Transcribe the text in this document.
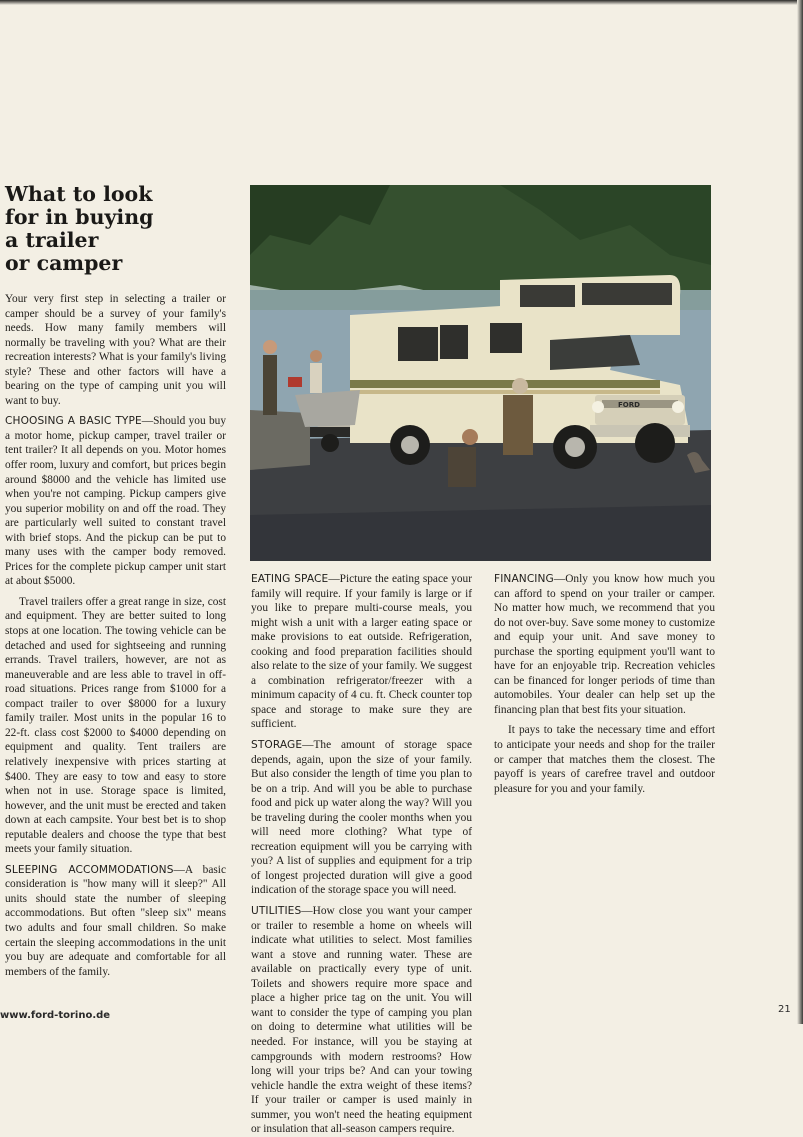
What to look
for in buying
a trailer
or camper

Your very first step in selecting a trailer or camper should be a survey of your family's needs. How many family members will normally be traveling with you? What are their recreation interests? What is your family's living style? These and other factors will have a bearing on the type of camping unit you will want to buy.

CHOOSING A BASIC TYPE—Should you buy a motor home, pickup camper, travel trailer or tent trailer? It all depends on you. Motor homes offer room, luxury and comfort, but prices begin around $8000 and the vehicle has limited use when you're not camping. Pickup campers give you superior mobility on and off the road. They are particularly well suited to constant travel with brief stops. And the pickup can be put to many uses with the camper body removed. Prices for the complete pickup camper unit start at about $5000.

Travel trailers offer a great range in size, cost and equipment. They are better suited to long stops at one location. The towing vehicle can be detached and used for sightseeing and running errands. Travel trailers, however, are not as maneuverable and are less able to travel in off-road situations. Prices range from $1000 for a compact trailer to over $8000 for a luxury family trailer. Most units in the popular 16 to 22-ft. class cost $2000 to $4000 depending on equipment and quality. Tent trailers are relatively inexpensive with prices starting at $400. They are easy to tow and easy to store when not in use. Storage space is limited, however, and the unit must be erected and taken down at each campsite. Your best bet is to shop reputable dealers and choose the type that best meets your family situation.

SLEEPING ACCOMMODATIONS—A basic consideration is "how many will it sleep?" All units should state the number of sleeping accommodations. But often "sleep six" means two adults and four small children. So make certain the sleeping accommodations in the unit you buy are adequate and comfortable for all members of the family.

FORD

EATING SPACE—Picture the eating space your family will require. If your family is large or if you like to prepare multi-course meals, you might wish a unit with a larger eating space or make provisions to eat outside. Refrigeration, cooking and food preparation facilities should also relate to the size of your family. We suggest a combination refrigerator/freezer with a minimum capacity of 4 cu. ft. Check counter top space and storage to make sure they are sufficient.

STORAGE—The amount of storage space depends, again, upon the size of your family. But also consider the length of time you plan to be on a trip. And will you be able to purchase food and pick up water along the way? Will you be traveling during the cooler months when you will need more clothing? What type of recreation equipment will you be carrying with you? A list of supplies and equipment for a trip of longest projected duration will give a good indication of the storage space you will need.

UTILITIES—How close you want your camper or trailer to resemble a home on wheels will indicate what utilities to select. Most families want a stove and running water. These are available on practically every type of unit. Toilets and showers require more space and place a higher price tag on the unit. You will want to consider the type of camping you plan on doing to determine what utilities will be needed. For instance, will you be staying at campgrounds with modern restrooms? How long will your trips be? And can your towing vehicle handle the extra weight of these items? If your trailer or camper is used mainly in summer, you won't need the heating equipment or insulation that all-season campers require.

FINANCING—Only you know how much you can afford to spend on your trailer or camper. No matter how much, we recommend that you do not over-buy. Save some money to customize and equip your unit. And save money to purchase the sporting equipment you'll want to have for an enjoyable trip. Recreation vehicles can be financed for longer periods of time than automobiles. Your dealer can help set up the financing plan that best fits your situation.

It pays to take the necessary time and effort to anticipate your needs and shop for the trailer or camper that matches them the closest. The payoff is years of carefree travel and outdoor pleasure for you and your family.

www.ford-torino.de
21
